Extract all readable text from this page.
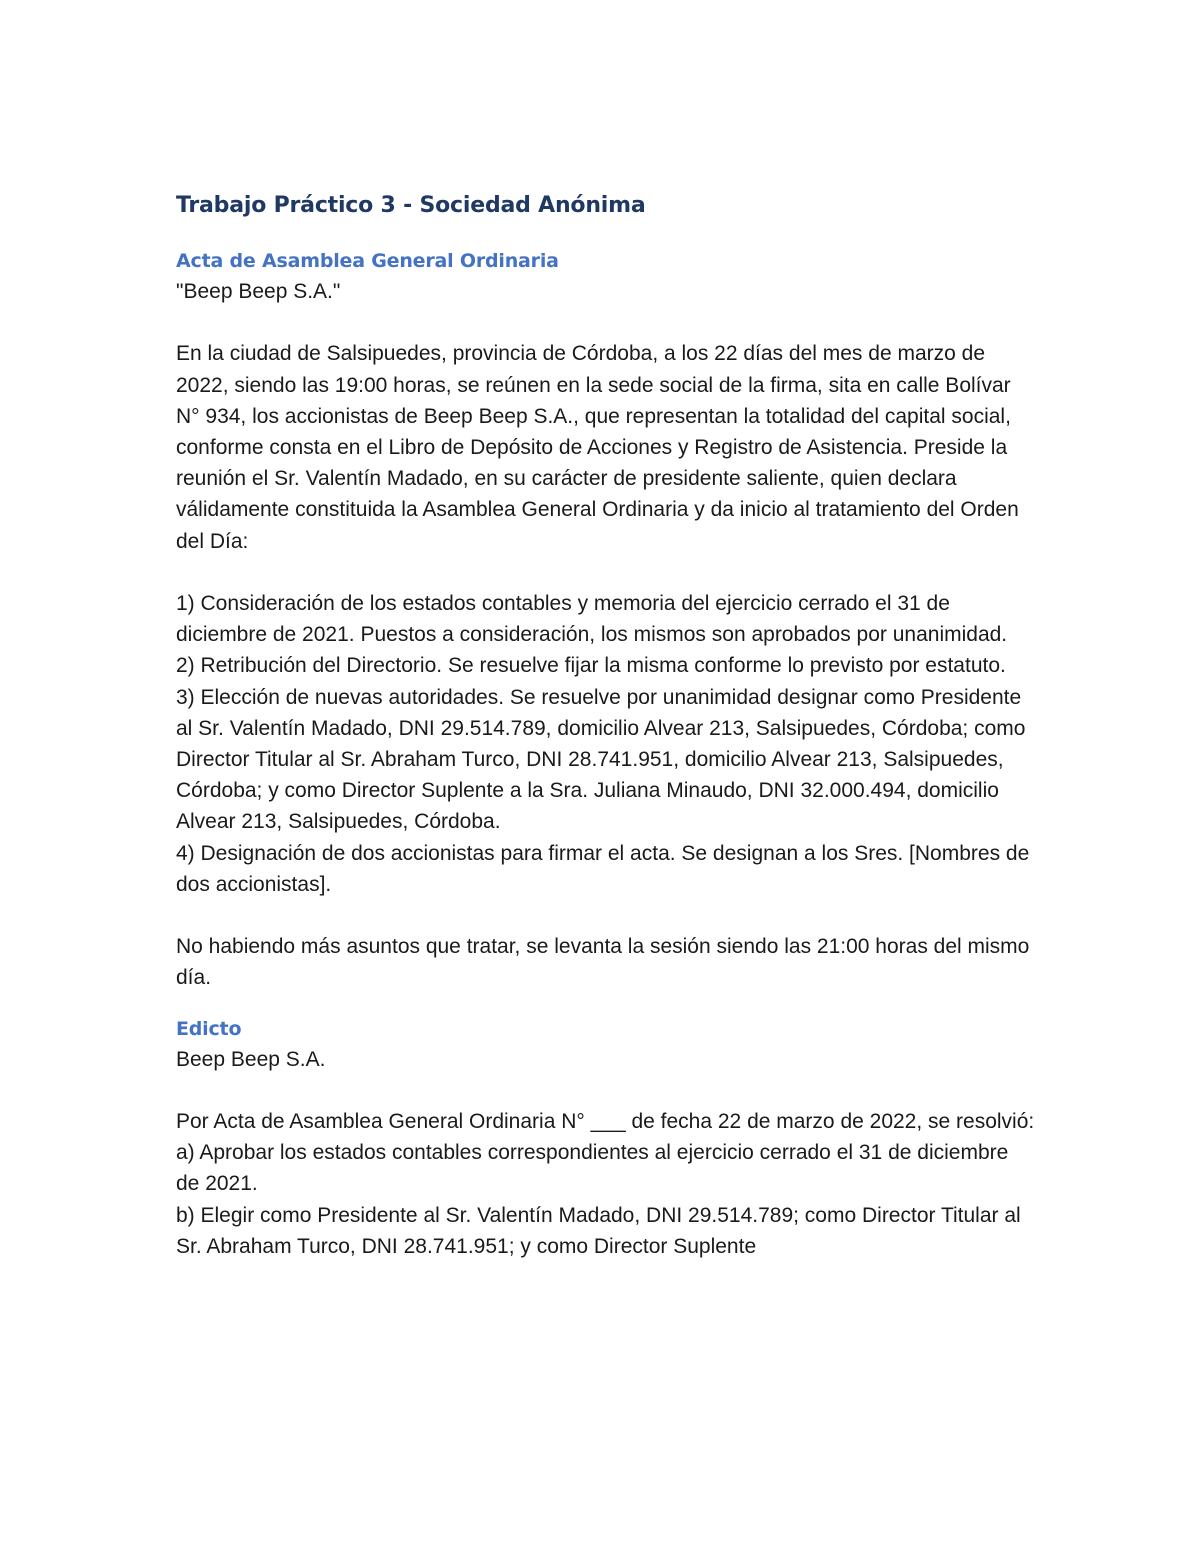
Trabajo Práctico 3 - Sociedad Anónima
Acta de Asamblea General Ordinaria

"Beep Beep S.A."

En la ciudad de Salsipuedes, provincia de Córdoba, a los 22 días del mes de marzo de 2022, siendo las 19:00 horas, se reúnen en la sede social de la firma, sita en calle Bolívar N° 934, los accionistas de Beep Beep S.A., que representan la totalidad del capital social, conforme consta en el Libro de Depósito de Acciones y Registro de Asistencia. Preside la reunión el Sr. Valentín Madado, en su carácter de presidente saliente, quien declara válidamente constituida la Asamblea General Ordinaria y da inicio al tratamiento del Orden del Día:

1) Consideración de los estados contables y memoria del ejercicio cerrado el 31 de diciembre de 2021. Puestos a consideración, los mismos son aprobados por unanimidad.

2) Retribución del Directorio. Se resuelve fijar la misma conforme lo previsto por estatuto.

3) Elección de nuevas autoridades. Se resuelve por unanimidad designar como Presidente al Sr. Valentín Madado, DNI 29.514.789, domicilio Alvear 213, Salsipuedes, Córdoba; como Director Titular al Sr. Abraham Turco, DNI 28.741.951, domicilio Alvear 213, Salsipuedes, Córdoba; y como Director Suplente a la Sra. Juliana Minaudo, DNI 32.000.494, domicilio Alvear 213, Salsipuedes, Córdoba.

4) Designación de dos accionistas para firmar el acta. Se designan a los Sres. [Nombres de dos accionistas].

No habiendo más asuntos que tratar, se levanta la sesión siendo las 21:00 horas del mismo día.

Edicto

Beep Beep S.A.

Por Acta de Asamblea General Ordinaria N° ___ de fecha 22 de marzo de 2022, se resolvió:

a) Aprobar los estados contables correspondientes al ejercicio cerrado el 31 de diciembre de 2021.

b) Elegir como Presidente al Sr. Valentín Madado, DNI 29.514.789; como Director Titular al Sr. Abraham Turco, DNI 28.741.951; y como Director Suplente
